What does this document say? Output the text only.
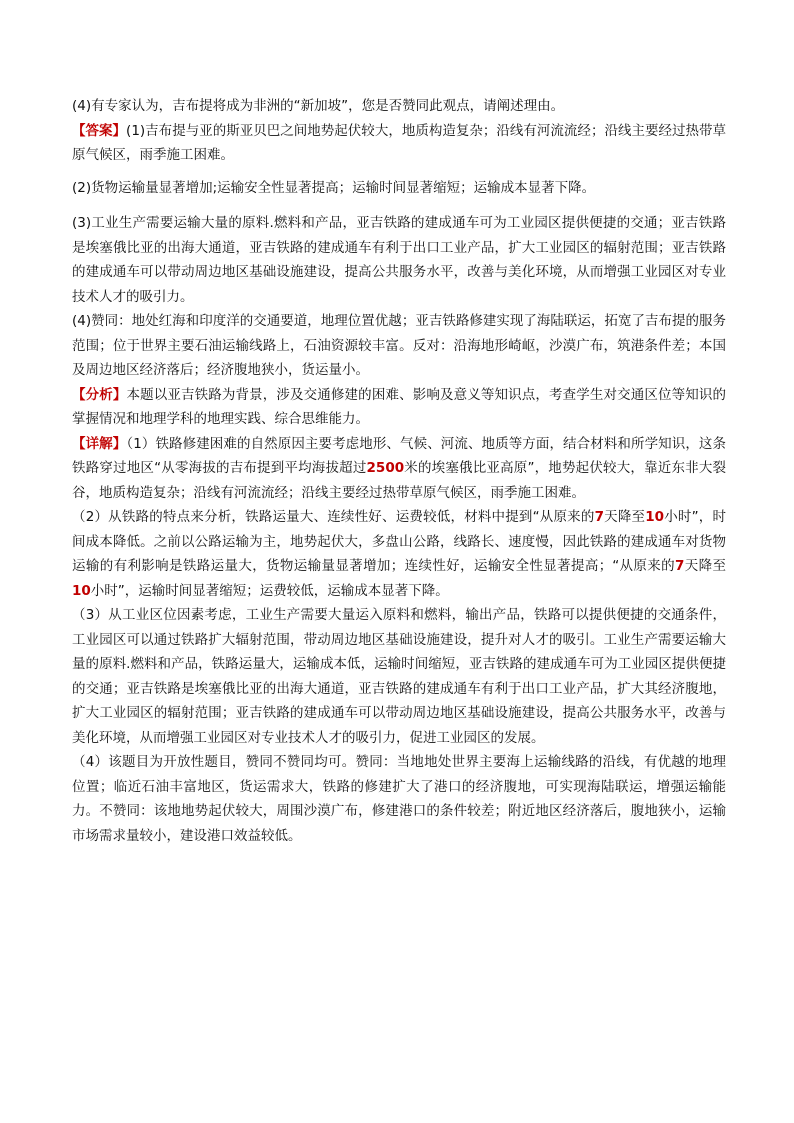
(4)有专家认为，吉布提将成为非洲的“新加坡”，您是否赞同此观点，请阐述理由。

【答案】(1)吉布提与亚的斯亚贝巴之间地势起伏较大，地质构造复杂；沿线有河流流经；沿线主要经过热带草原气候区，雨季施工困难。

(2)货物运输量显著增加;运输安全性显著提高；运输时间显著缩短；运输成本显著下降。

(3)工业生产需要运输大量的原料.燃料和产品，亚吉铁路的建成通车可为工业园区提供便捷的交通；亚吉铁路是埃塞俄比亚的出海大通道，亚吉铁路的建成通车有利于出口工业产品，扩大工业园区的辐射范围；亚吉铁路的建成通车可以带动周边地区基础设施建设，提高公共服务水平，改善与美化环境，从而增强工业园区对专业技术人才的吸引力。

(4)赞同：地处红海和印度洋的交通要道，地理位置优越；亚吉铁路修建实现了海陆联运，拓宽了吉布提的服务范围；位于世界主要石油运输线路上，石油资源较丰富。反对：沿海地形崎岖，沙漠广布，筑港条件差；本国及周边地区经济落后；经济腹地狭小，货运量小。

【分析】本题以亚吉铁路为背景，涉及交通修建的困难、影响及意义等知识点，考查学生对交通区位等知识的掌握情况和地理学科的地理实践、综合思维能力。

【详解】（1）铁路修建困难的自然原因主要考虑地形、气候、河流、地质等方面，结合材料和所学知识，这条铁路穿过地区“从零海拔的吉布提到平均海拔超过2500米的埃塞俄比亚高原”，地势起伏较大，靠近东非大裂谷，地质构造复杂；沿线有河流流经；沿线主要经过热带草原气候区，雨季施工困难。

（2）从铁路的特点来分析，铁路运量大、连续性好、运费较低，材料中提到“从原来的7天降至10小时”，时间成本降低。之前以公路运输为主，地势起伏大，多盘山公路，线路长、速度慢，因此铁路的建成通车对货物运输的有利影响是铁路运量大，货物运输量显著增加；连续性好，运输安全性显著提高；“从原来的7天降至10小时”，运输时间显著缩短；运费较低，运输成本显著下降。

（3）从工业区位因素考虑，工业生产需要大量运入原料和燃料，输出产品，铁路可以提供便捷的交通条件，工业园区可以通过铁路扩大辐射范围，带动周边地区基础设施建设，提升对人才的吸引。工业生产需要运输大量的原料.燃料和产品，铁路运量大，运输成本低，运输时间缩短，亚吉铁路的建成通车可为工业园区提供便捷的交通；亚吉铁路是埃塞俄比亚的出海大通道，亚吉铁路的建成通车有利于出口工业产品，扩大其经济腹地，扩大工业园区的辐射范围；亚吉铁路的建成通车可以带动周边地区基础设施建设，提高公共服务水平，改善与美化环境，从而增强工业园区对专业技术人才的吸引力，促进工业园区的发展。

（4）该题目为开放性题目，赞同不赞同均可。赞同：当地地处世界主要海上运输线路的沿线，有优越的地理位置；临近石油丰富地区，货运需求大，铁路的修建扩大了港口的经济腹地，可实现海陆联运，增强运输能力。不赞同：该地地势起伏较大，周围沙漠广布，修建港口的条件较差；附近地区经济落后，腹地狭小，运输市场需求量较小，建设港口效益较低。
